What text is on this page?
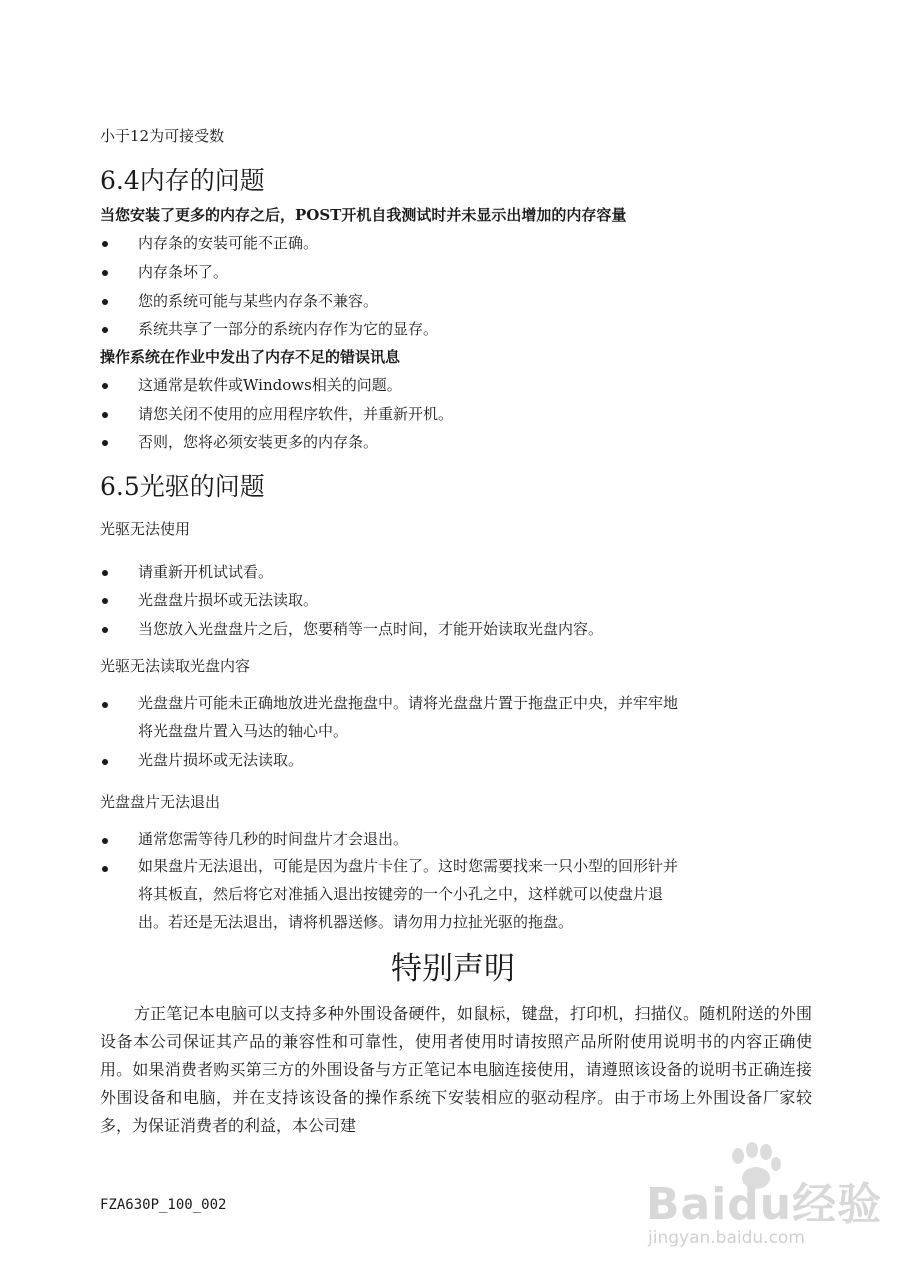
小于12为可接受数
6.4内存的问题
当您安装了更多的内存之后，POST开机自我测试时并未显示出增加的内存容量
内存条的安装可能不正确。
内存条坏了。
您的系统可能与某些内存条不兼容。
系统共享了一部分的系统内存作为它的显存。
操作系统在作业中发出了内存不足的错误讯息
这通常是软件或Windows相关的问题。
请您关闭不使用的应用程序软件，并重新开机。
否则，您将必须安装更多的内存条。
6.5光驱的问题
光驱无法使用
请重新开机试试看。
光盘盘片损坏或无法读取。
当您放入光盘盘片之后，您要稍等一点时间，才能开始读取光盘内容。
光驱无法读取光盘内容
光盘盘片可能未正确地放进光盘拖盘中。请将光盘盘片置于拖盘正中央，并牢牢地
将光盘盘片置入马达的轴心中。
光盘片损坏或无法读取。
光盘盘片无法退出
通常您需等待几秒的时间盘片才会退出。
如果盘片无法退出，可能是因为盘片卡住了。这时您需要找来一只小型的回形针并
将其板直，然后将它对准插入退出按键旁的一个小孔之中，这样就可以使盘片退
出。若还是无法退出，请将机器送修。请勿用力拉扯光驱的拖盘。
特别声明

方正笔记本电脑可以支持多种外围设备硬件，如鼠标，键盘，打印机，扫描仪。随机附送的外围设备本公司保证其产品的兼容性和可靠性，使用者使用时请按照产品所附使用说明书的内容正确使用。如果消费者购买第三方的外围设备与方正笔记本电脑连接使用，请遵照该设备的说明书正确连接外围设备和电脑，并在支持该设备的操作系统下安装相应的驱动程序。由于市场上外围设备厂家较多，为保证消费者的利益，本公司建

FZA630P_100_002	Baidu经验
jingyan.baidu.com
